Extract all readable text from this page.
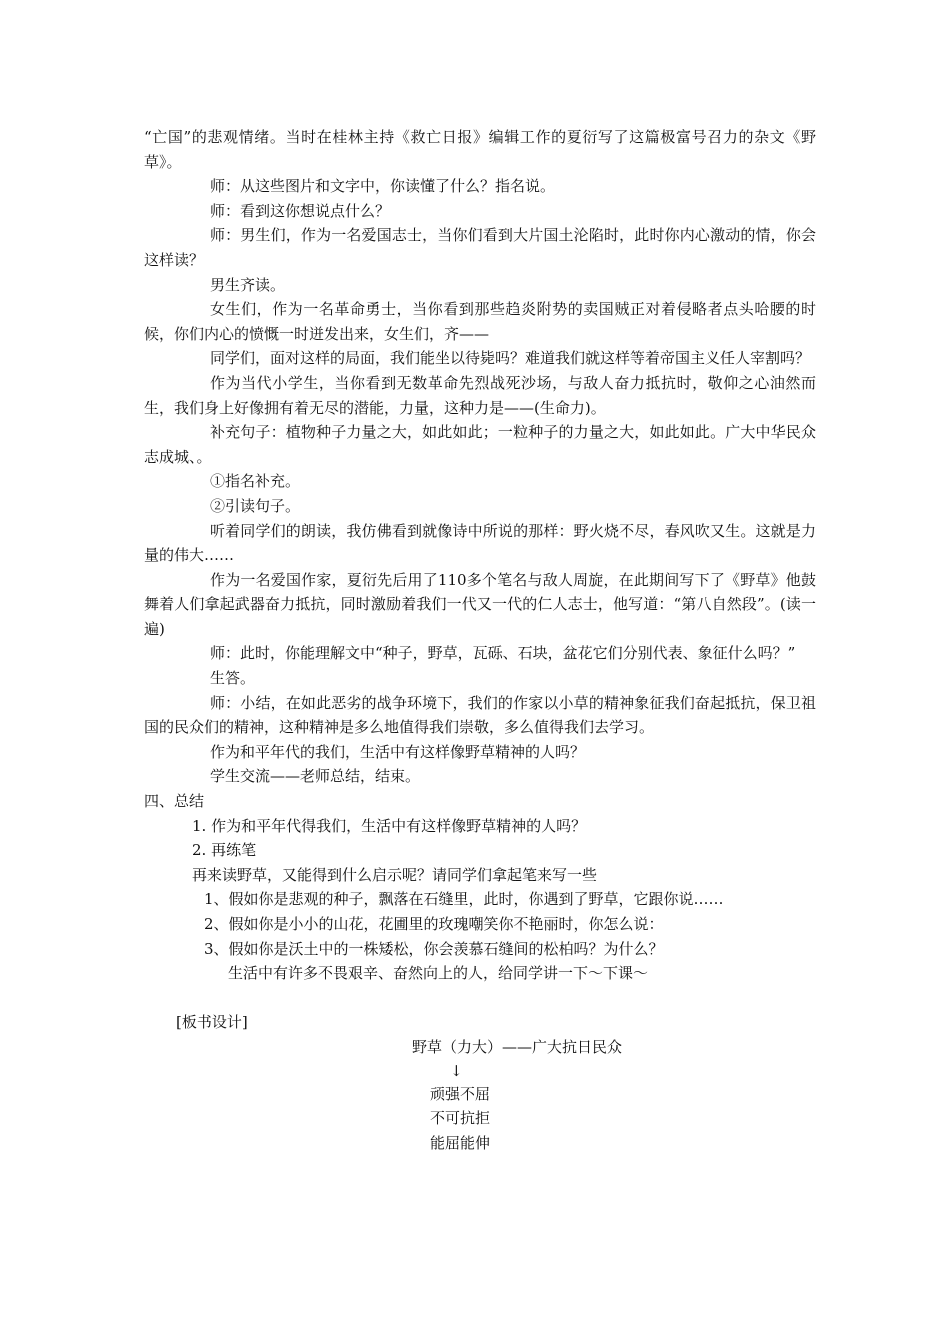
“亡国”的悲观情绪。当时在桂林主持《救亡日报》编辑工作的夏衍写了这篇极富号召力的杂文《野草》。

师：从这些图片和文字中，你读懂了什么？指名说。

师：看到这你想说点什么？

师：男生们，作为一名爱国志士，当你们看到大片国土沦陷时，此时你内心激动的情，你会这样读？

男生齐读。

女生们，作为一名革命勇士，当你看到那些趋炎附势的卖国贼正对着侵略者点头哈腰的时候，你们内心的愤慨一时迸发出来，女生们，齐——

同学们，面对这样的局面，我们能坐以待毙吗？难道我们就这样等着帝国主义任人宰割吗？

作为当代小学生，当你看到无数革命先烈战死沙场，与敌人奋力抵抗时，敬仰之心油然而生，我们身上好像拥有着无尽的潜能，力量，这种力是——(生命力)。

补充句子：植物种子力量之大，如此如此；一粒种子的力量之大，如此如此。广大中华民众志成城、。

①指名补充。

②引读句子。

听着同学们的朗读，我仿佛看到就像诗中所说的那样：野火烧不尽，春风吹又生。这就是力量的伟大……

作为一名爱国作家，夏衍先后用了110多个笔名与敌人周旋，在此期间写下了《野草》他鼓舞着人们拿起武器奋力抵抗，同时激励着我们一代又一代的仁人志士，他写道：“第八自然段”。(读一遍)

师：此时，你能理解文中“种子，野草，瓦砾、石块，盆花它们分别代表、象征什么吗？”

生答。

师：小结，在如此恶劣的战争环境下，我们的作家以小草的精神象征我们奋起抵抗，保卫祖国的民众们的精神，这种精神是多么地值得我们崇敬，多么值得我们去学习。

作为和平年代的我们，生活中有这样像野草精神的人吗？

学生交流——老师总结，结束。

四、总结

1. 作为和平年代得我们，生活中有这样像野草精神的人吗？

2. 再练笔

再来读野草，又能得到什么启示呢？请同学们拿起笔来写一些

1、假如你是悲观的种子，飘落在石缝里，此时，你遇到了野草，它跟你说……

2、假如你是小小的山花，花圃里的玫瑰嘲笑你不艳丽时，你怎么说：

3、假如你是沃土中的一株矮松，你会羡慕石缝间的松柏吗？为什么？

生活中有许多不畏艰辛、奋然向上的人，给同学讲一下～下课～

[板书设计]

野草（力大）——广大抗日民众

↓

顽强不屈

不可抗拒

能屈能伸
